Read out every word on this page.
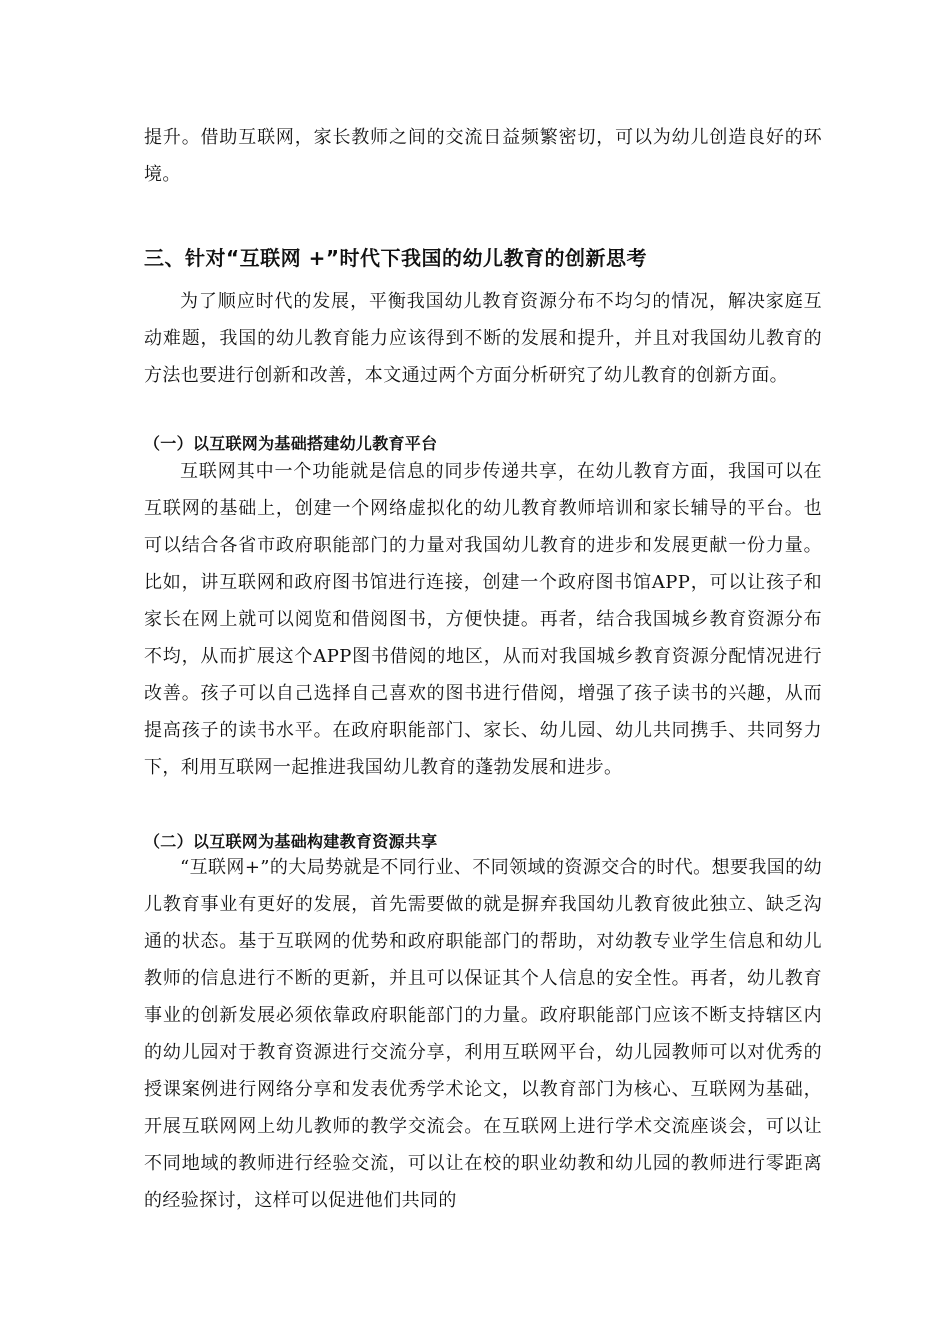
提升。借助互联网，家长教师之间的交流日益频繁密切，可以为幼儿创造良好的环境。

三、针对“互联网 +”时代下我国的幼儿教育的创新思考

为了顺应时代的发展，平衡我国幼儿教育资源分布不均匀的情况，解决家庭互动难题，我国的幼儿教育能力应该得到不断的发展和提升，并且对我国幼儿教育的方法也要进行创新和改善，本文通过两个方面分析研究了幼儿教育的创新方面。

（一）以互联网为基础搭建幼儿教育平台

互联网其中一个功能就是信息的同步传递共享，在幼儿教育方面，我国可以在互联网的基础上，创建一个网络虚拟化的幼儿教育教师培训和家长辅导的平台。也可以结合各省市政府职能部门的力量对我国幼儿教育的进步和发展更献一份力量。比如，讲互联网和政府图书馆进行连接，创建一个政府图书馆APP，可以让孩子和家长在网上就可以阅览和借阅图书，方便快捷。再者，结合我国城乡教育资源分布不均，从而扩展这个APP图书借阅的地区，从而对我国城乡教育资源分配情况进行改善。孩子可以自己选择自己喜欢的图书进行借阅，增强了孩子读书的兴趣，从而提高孩子的读书水平。在政府职能部门、家长、幼儿园、幼儿共同携手、共同努力下，利用互联网一起推进我国幼儿教育的蓬勃发展和进步。

（二）以互联网为基础构建教育资源共享

“互联网+”的大局势就是不同行业、不同领域的资源交合的时代。想要我国的幼儿教育事业有更好的发展，首先需要做的就是摒弃我国幼儿教育彼此独立、缺乏沟通的状态。基于互联网的优势和政府职能部门的帮助，对幼教专业学生信息和幼儿教师的信息进行不断的更新，并且可以保证其个人信息的安全性。再者，幼儿教育事业的创新发展必须依靠政府职能部门的力量。政府职能部门应该不断支持辖区内的幼儿园对于教育资源进行交流分享，利用互联网平台，幼儿园教师可以对优秀的授课案例进行网络分享和发表优秀学术论文，以教育部门为核心、互联网为基础，开展互联网网上幼儿教师的教学交流会。在互联网上进行学术交流座谈会，可以让不同地域的教师进行经验交流，可以让在校的职业幼教和幼儿园的教师进行零距离的经验探讨，这样可以促进他们共同的
